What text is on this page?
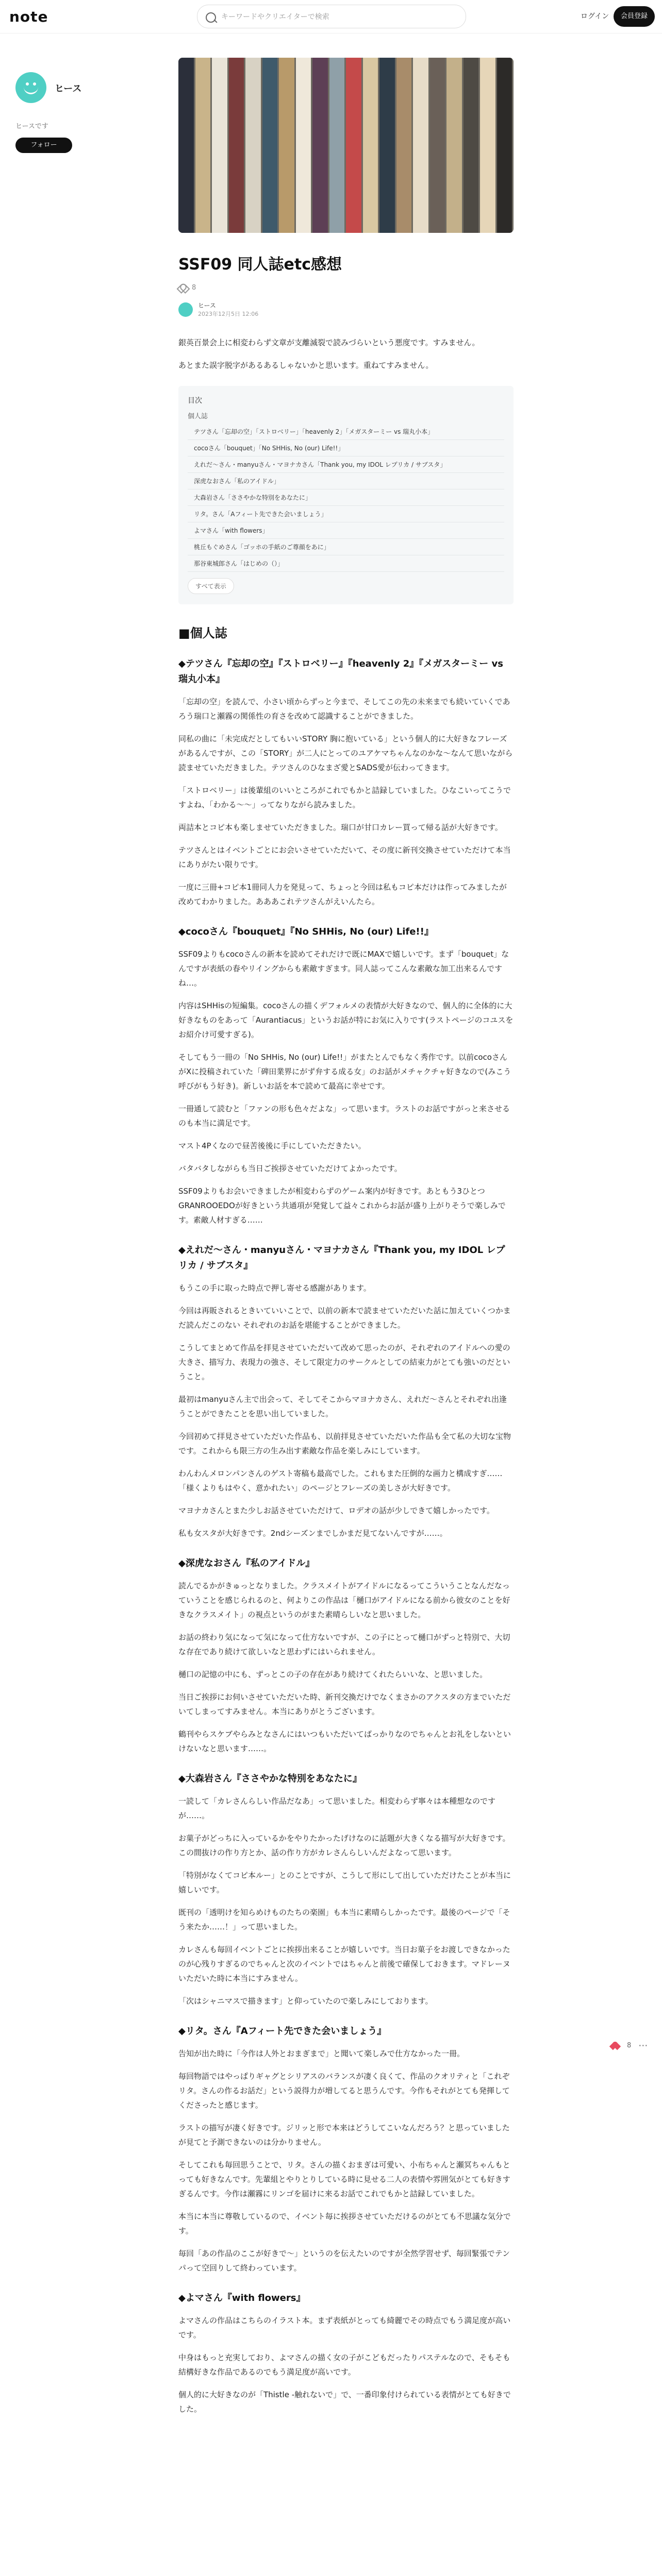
note	キーワードやクリエイターで検索	ログイン	会員登録
ヒース
ヒースです
フォロー
SSF09 同人誌etc感想
8
ヒース
2023年12月5日 12:06

銀英百景会上に相変わらず文章が支離滅裂で読みづらいという悪度です。すみません。

あとまた誤字脱字があるあるしゃないかと思います。重ねてすみません。

目次
個人誌
テツさん「忘却の空」「ストロベリー」「heavenly 2」「メガスターミー vs 瑞丸小本」
cocoさん「bouquet」「No SHHis, No (our) Life!!」
えれだ〜さん・manyuさん・マヨナカさん「Thank you, my IDOL レプリカ / サブスタ」
深虎なおさん「私のアイドル」
大森岩さん「ささやかな特別をあなたに」
リタ。さん「Aフィート先できた会いましょう」
よマさん「with flowers」
桃丘もぐめさん「ゴッホの手紙のご尊顔をあに」
那谷東城郎さん「はじめの（）」
すべて表示
■個人誌
◆テツさん『忘却の空』『ストロベリー』『heavenly 2』『メガスターミー vs 瑞丸小本』

「忘却の空」を読んで、小さい頃からずっと今まで、そしてこの先の未来までも続いていくであろう瑞口と瀬霧の関係性の育さを改めて認識することができました。

同私の曲に「未完成だとしてもいいSTORY 胸に抱いている」という個人的に大好きなフレーズがあるんですが、この「STORY」が二人にとってのユアケマちゃんなのかな〜なんて思いながら読ませていただきました。テツさんのひなまざ愛とSADS愛が伝わってきます。

「ストロベリー」は後輩組のいいところがこれでもかと詰録していました。ひなこいってこうですよね、「わかる〜〜」ってなりながら読みました。

両詰本とコピ本も楽しませていただきました。瑞口が甘口カレー買って帰る話が大好きです。

テツさんとはイベントごとにお会いさせていただいて、その度に新刊交換させていただけて本当にありがたい限りです。

一度に三冊+コピ本1冊同人力を発見って、ちょっと今回は私もコピ本だけは作ってみましたが改めてわかりました。あああこれテツさんがえいんたら。

◆cocoさん『bouquet』『No SHHis, No (our) Life!!』

SSF09よりもcocoさんの新本を読めてそれだけで既にMAXで嬉しいです。まず「bouquet」なんですが表紙の春やリイングからも素敵すぎます。同人誌ってこんな素敵な加工出来るんですね…。

内容はSHHisの短編集。cocoさんの描くデフォルメの表情が大好きなので、個人的に全体的に大好きなものをあって「Aurantiacus」というお話が特にお気に入りです(ラストページのコユスをお紹介け可愛すぎる)。

そしてもう一冊の「No SHHis, No (our) Life!!」がまたとんでもなく秀作です。以前cocoさんがXに投稿されていた「碑田業界にがず弁する成る女」のお話がメチャクチャ好きなので(みこう呼びがもう好き)。新しいお話を本で読めて最高に幸せです。

一冊通して読むと「ファンの形も色々だよな」って思います。ラストのお話ですがっと来させるのも本当に満足です。

マスト4Pくなので昼苦後後に手にしていただきたい。

バタバタしながらも当日ご挨拶させていただけてよかったです。

SSF09よりもお会いできましたが相変わらずのゲーム案内が好きです。あともう3ひとつGRANROOEDOが好きという共通項が発覚して益々これからお話が盛り上がりそうで楽しみです。素敵人材すぎる……

◆えれだ〜さん・manyuさん・マヨナカさん『Thank you, my IDOL レプリカ / サブスタ』

もうこの手に取った時点で押し寄せる感謝があります。

今回は再販されるときいていいことで、以前の新本で読ませていただいた話に加えていくつかまだ読んだこのない それぞれのお話を堪能することができました。

こうしてまとめて作品を拝見させていただいて改めて思ったのが、それぞれのアイドルへの愛の大きさ、描写力、表現力の強さ、そして限定力のサークルとしての結束力がとても強いのだということ。

最初はmanyuさん主で出会って、そしてそこからマヨナカさん、えれだ〜さんとそれぞれ出逢うことができたことを思い出していました。

今回初めて拝見させていただいた作品も、以前拝見させていただいた作品も全て私の大切な宝物です。これからも限三方の生み出す素敵な作品を楽しみにしています。

わんわんメロンパンさんのゲスト寄稿も最高でした。これもまた圧倒的な画力と構成すぎ……「様くよりもはやく、意かれたい」のページとフレーズの美しさが大好きです。

マヨナカさんとまた少しお話させていただけて、ロデオの話が少しできて嬉しかったです。

私も女スタが大好きです。2ndシーズンまでしかまだ見てないんですが……。

◆深虎なおさん『私のアイドル』

読んでるかがきゅっとなりました。クラスメイトがアイドルになるってこういうことなんだなっていうことを感じられるのと、何よりこの作品は「樋口がアイドルになる前から彼女のことを好きなクラスメイト」の視点というのがまた素晴らしいなと思いました。

お話の終わり気になって気になって仕方ないですが、この子にとって樋口がずっと特別で、大切な存在であり続けて欲しいなと思わずにはいられません。

樋口の記憶の中にも、ずっとこの子の存在があり続けてくれたらいいな、と思いました。

当日ご挨拶にお伺いさせていただいた時、新刊交換だけでなくまさかのアクスタの方までいただいてしまってすみません。本当にありがとうございます。

鶴刊やらスケブやらみとなさんにはいつもいただいてばっかりなのでちゃんとお礼をしないといけないなと思います……。

◆大森岩さん『ささやかな特別をあなたに』

一読して「カレさんらしい作品だなあ」って思いました。相変わらず寧々は本種想なのですが……。

お菓子がどっちに入っているかをやりたかったげけなのに話題が大きくなる描写が大好きです。この間抜けの作り方とか、話の作り方がカレさんらしいんだよなって思います。

「特別がなくてコピ本ルー」とのことですが、こうして形にして出していただけたことが本当に嬉しいです。

既刊の「透明けを知らめけものたちの楽園」も本当に素晴らしかったです。最後のページで「そう来たか……！」って思いました。

カレさんも毎回イベントごとに挨拶出来ることが嬉しいです。当日お菓子をお渡しできなかったのが心残りすぎるのでちゃんと次のイベントではちゃんと前後で確保しておきます。マドレーヌいただいた時に本当にすみません。

「次はシャニマスで描きます」と仰っていたので楽しみにしております。

◆リタ。さん『Aフィート先できた会いましょう』

告知が出た時に「今作は人外とおまぎまで」と聞いて楽しみで仕方なかった一冊。

毎回物語ではやっぱりギャグとシリアスのバランスが凄く良くて、作品のクオリティと「これぞリタ。さんの作るお話だ」という説得力が増してると思うんです。今作もそれがとても発揮してくださったと感じます。

ラストの描写が凄く好きです。ジリッと形で本来はどうしてこいなんだろう？と思っていましたが見てと予測できないのは分かりません。

そしてこれも毎回思うことで、リタ。さんの描くおまぎは可愛い、小布ちゃんと瀬冥ちゃんもとっても好きなんです。先輩組とやりとりしている時に見せる二人の表情や雰囲気がとても好きすぎるんです。今作は瀬霧にリンゴを届けに来るお話でこれでもかと詰録していました。

本当に本当に尊敬しているので、イベント毎に挨拶させていただけるのがとても不思議な気分です。

毎回「あの作品のここが好きで〜」というのを伝えたいのですが全然学習せず、毎回緊張でテンパって空回りして終わっています。

◆よマさん『with flowers』

よマさんの作品はこちらのイラスト本。まず表紙がとっても綺麗でその時点でもう満足度が高いです。

中身はもっと充実しており、よマさんの描く女の子がこどもだったりパステルなので、そもそも結構好きな作品であるのでもう満足度が高いです。

個人的に大好きなのが「Thistle -触れないで」で、一番印象付けられている表情がとても好きでした。

8 ⋯
